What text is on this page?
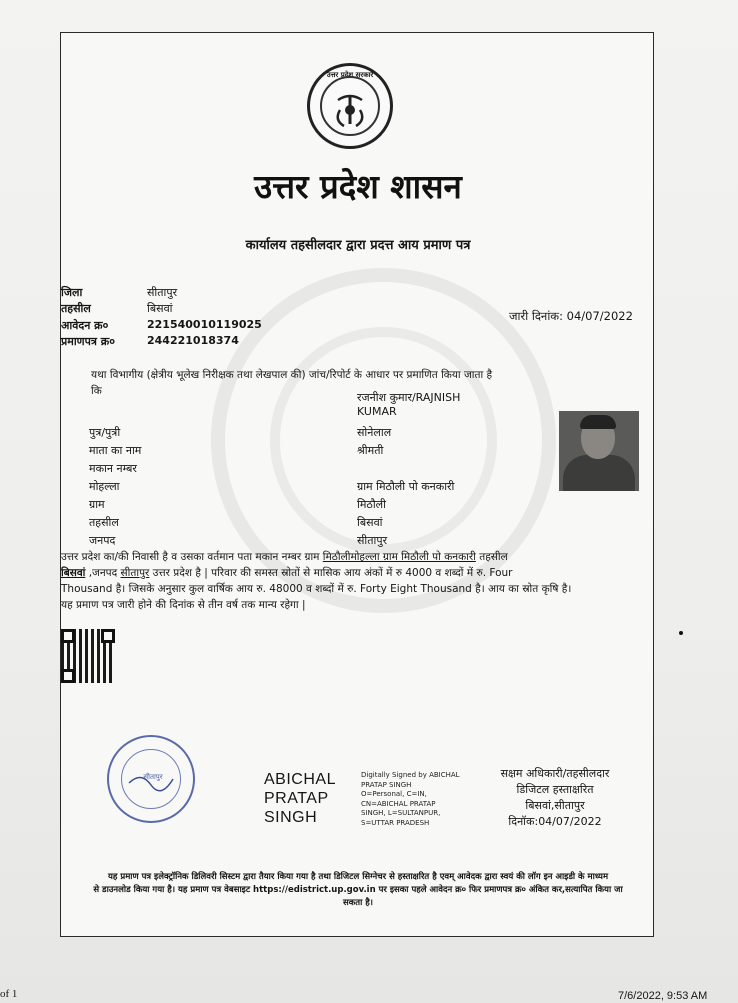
उत्तर प्रदेश सरकार
उत्तर प्रदेश शासन
कार्यालय तहसीलदार द्वारा प्रदत्त आय प्रमाण पत्र
जिला	सीतापुर
तहसील	बिसवां
आवेदन क्र०	221540010119025
प्रमाणपत्र क्र०	244221018374
जारी दिनांक: 04/07/2022
यथा विभागीय (क्षेत्रीय भूलेख निरीक्षक तथा लेखपाल की) जांच/रिपोर्ट के आधार पर प्रमाणित किया जाता है कि	रजनीश कुमार/RAJNISH KUMAR
पुत्र/पुत्री	सोनेलाल
माता का नाम	श्रीमती
मकान नम्बर
मोहल्ला	ग्राम मिठौली पो कनकारी
ग्राम	मिठौली
तहसील	बिसवां
जनपद	सीतापुर
उत्तर प्रदेश का/की निवासी है व उसका वर्तमान पता मकान नम्बर ग्राम मिठौलीमोहल्ला ग्राम मिठौली पो कनकारी तहसील
बिसवां ,जनपद सीतापुर उत्तर प्रदेश है | परिवार की समस्त स्रोतों से मासिक आय अंकों में रु 4000 व शब्दों में रु. Four
Thousand है। जिसके अनुसार कुल वार्षिक आय रु. 48000 व शब्दों में रु. Forty Eight Thousand है। आय का स्रोत कृषि है।
यह प्रमाण पत्र जारी होने की दिनांक से तीन वर्ष तक मान्य रहेगा |
सीतापुर	ABICHAL
PRATAP
SINGH
Digitally Signed by ABICHAL
PRATAP SINGH
O=Personal, C=IN,
CN=ABICHAL PRATAP
SINGH, L=SULTANPUR,
S=UTTAR PRADESH
सक्षम अधिकारी/तहसीलदार
डिजिटल हस्ताक्षरित
बिसवां,सीतापुर
दिनॉक:04/07/2022
यह प्रमाण पत्र इलेक्ट्रॉनिक डिलिवरी सिस्टम द्वारा तैयार किया गया है तथा डिजिटल सिग्नेचर से हस्ताक्षरित है एवम् आवेदक द्वारा स्वयं की लॉग इन आइडी के माध्यम
से डाउनलोड किया गया है। यह प्रमाण पत्र वेबसाइट https://edistrict.up.gov.in पर इसका पहले आवेदन क्र० फिर प्रमाणपत्र क्र० अंकित कर,सत्यापित किया जा
सकता है।
of 1	7/6/2022, 9:53 AM
